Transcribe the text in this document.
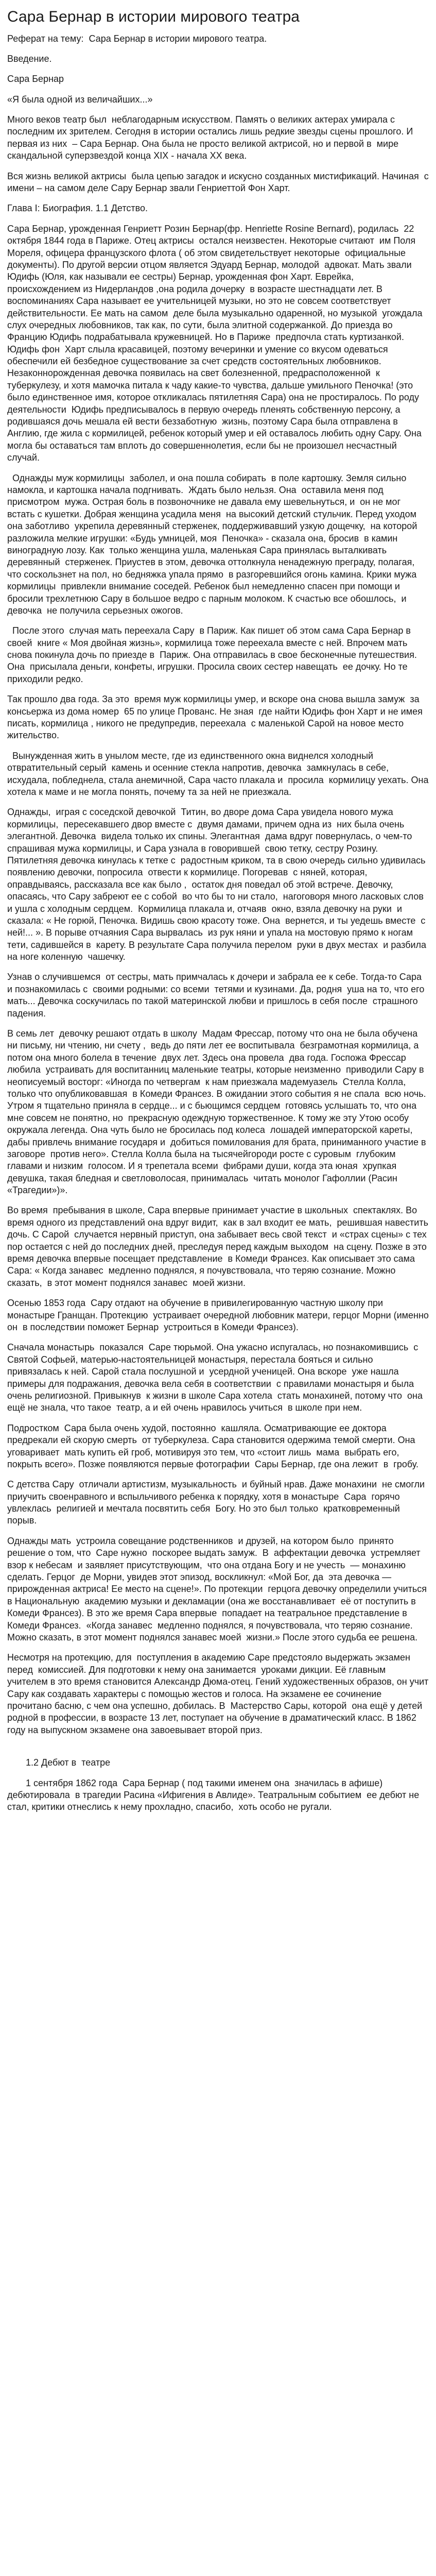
Сара Бернар в истории мирового театра

Реферат на тему:  Сара Бернар в истории мирового театра.

Введение.

Сара Бернар

«Я была одной из величайших...»

Много веков театр был  неблагодарным искусством. Память о великих актерах умирала с  последним их зрителем. Сегодня в истории остались лишь редкие звезды сцены прошлого. И первая из них  – Сара Бернар. Она была не просто великой актрисой, но и первой в  мире скандальной суперзвездой конца XIX - начала XX века.

Вся жизнь великой актрисы  была цепью загадок и искусно созданных мистификаций. Начиная  с имени – на самом деле Сару Бернар звали Генриеттой Фон Харт.

Глава I: Биография. 1.1 Детство.

Сара Бернар, урожденная Генриетт Розин Бернар(фр. Henriette Rosine Bernard), родилась  22 октября 1844 года в Париже. Отец актрисы  остался неизвестен. Некоторые считают  им Поля Мореля, офицера французского флота ( об этом свидетельствует некоторые  официальные документы). По другой версии отцом является Эдуард Бернар, молодой  адвокат. Мать звали Юдифь (Юля, как называли ее сестры) Бернар, урожденная фон Харт. Еврейка, происхождением из Нидерландов ,она родила дочерку  в возрасте шестнадцати лет. В воспоминаниях Сара называет ее учительницей музыки, но это не совсем соответствует  действительности. Ее мать на самом  деле была музыкально одаренной, но музыкой  угождала слух очередных любовников, так как, по сути, была элитной содержанкой. До приезда во Францию Юдифь подрабатывала кружевницей. Но в Париже  предпочла стать куртизанкой. Юдифь фон  Харт слыла красавицей, поэтому вечеринки и умение со вкусом одеваться обеспечили ей безбедное существование за счет средств состоятельных любовников. Незаконнорожденная девочка появилась на свет болезненной, предрасположенной  к туберкулезу, и хотя мамочка питала к чаду какие-то чувства, дальше умильного Пеночка! (это было единственное имя, которое откликалась пятилетняя Сара) она не простиралось. По роду деятельности  Юдифь предписывалось в первую очередь пленять собственную персону, а  родившаяся дочь мешала ей вести беззаботную  жизнь, поэтому Сара была отправлена в Англию, где жила с кормилицей, ребенок который умер и ей оставалось любить одну Сару. Она могла бы оставаться там вплоть до совершеннолетия, если бы не произошел несчастный случай.

Однажды муж кормилицы  заболел, и она пошла собирать  в поле картошку. Земля сильно  намокла, и картошка начала подгнивать.  Ждать было нельзя. Она  оставила меня под присмотром  мужа. Острая боль в позвоночнике не давала ему шевельнуться, и  он не мог встать с кушетки. Добрая женщина усадила меня  на высокий детский стульчик. Перед уходом она заботливо  укрепила деревянный стерженек, поддерживавший узкую дощечку,  на которой разложила мелкие игрушки: «Будь умницей, моя  Пеночка» - сказала она, бросив  в камин виноградную лозу. Как  только женщина ушла, маленькая Сара принялась выталкивать деревянный  стерженек. Приустев в этом, девочка оттолкнула ненадежную преграду, полагая, что соскользнет на пол, но бедняжка упала прямо  в разгоревшийся огонь камина. Крики мужа кормилицы  привлекли внимание соседей. Ребенок был немедленно спасен при помощи и бросили трехлетнюю Сару в большое ведро с парным молоком. К счастью все обошлось,  и девочка  не получила серьезных ожогов.

После этого  случая мать переехала Сару  в Париж. Как пишет об этом сама Сара Бернар в своей  книге « Моя двойная жизнь», кормилица тоже переехала вместе с ней. Впрочем мать снова покинула дочь по приезде в  Париж. Она отправилась в свое бесконечные путешествия. Она  присылала деньги, конфеты, игрушки. Просила своих сестер навещать  ее дочку. Но те приходили редко.

Так прошло два года. За это  время муж кормилицы умер, и вскоре она снова вышла замуж  за консьержа из дома номер  65 по улице Прованс. Не зная  где найти Юдифь фон Харт и не имея писать, кормилица , никого не предупредив, переехала  с маленькой Сарой на новое место жительство.

Вынужденная жить в унылом месте, где из единственного окна виднелся холодный отвратительный серый  камень и осенние стекла напротив, девочка  замкнулась в себе, исхудала, побледнела, стала анемичной, Сара часто плакала и  просила  кормилицу уехать. Она хотела к маме и не могла понять, почему та за ней не приезжала.

Однажды,  играя с соседской девочкой  Титин, во дворе дома Сара увидела нового мужа кормилицы,  пересекавшего двор вместе с  двумя дамами, причем одна из  них была очень элегантной. Девочка  видела только их спины. Элегантная  дама вдруг повернулась, о чем-то  спрашивая мужа кормилицы, и Сара узнала в говорившей  свою тетку, сестру Розину. Пятилетняя девочка кинулась к тетке с  радостным криком, та в свою очередь сильно удивилась  появлению девочки, попросила  отвести к кормилице. Погоревав  с няней, которая, оправдываясь, рассказала все как было ,  остаток дня поведал об этой встрече. Девочку, опасаясь, что Сару забреют ее с собой  во что бы то ни стало,  нагоговоря много ласковых слов  и ушла с холодным сердцем.  Кормилица плакала и, отчаяв  окно, взяла девочку на руки  и сказала: « Не горюй, Пеночка. Видишь свою красоту тоже. Она  вернется, и ты уедешь вместе  с ней!... ». В порыве отчаяния Сара вырвалась  из рук няни и упала на мостовую прямо к ногам тети, садившейся в  карету. В результате Сара получила перелом  руки в двух местах  и разбила на ноге коленную  чашечку.

Узнав о случившемся  от сестры, мать примчалась к дочери и забрала ее к себе. Тогда-то Сара и познакомилась с  своими родными: со всеми  тетями и кузинами. Да, родня  уша на то, что его мать... Девочка соскучилась по такой материнской любви и пришлось в себя после  страшного падения.

В семь лет  девочку решают отдать в школу  Мадам Фрессар, потому что она не была обучена ни письму, ни чтению, ни счету ,  ведь до пяти лет ее воспитывала  безграмотная кормилица, а потом она много болела в течение  двух лет. Здесь она провела  два года. Госпожа Фрессар любила  устраивать для воспитанниц маленькие театры, которые неизменно  приводили Сару в неописуемый восторг: «Иногда по четвергам  к нам приезжала мадемуазель  Стелла Колла, только что опубликовавшая  в Комеди Франсез. В ожидании этого события я не спала  всю ночь. Утром я тщательно приняла в сердце... и с бьющимся сердцем  готовясь услышать то, что она мне совсем не понятно, но  прекрасную одеждную торжественное. К тому же эту Утою особу  окружала легенда. Она чуть было не бросилась под колеса  лошадей императорской кареты, дабы привлечь внимание государя и  добиться помилования для брата, приниманного участие в заговоре  против него». Стелла Колла была на тысячейгороди росте с суровым  глубоким главами и низким  голосом. И я трепетала всеми  фибрами души, когда эта юная  хрупкая девушка, такая бледная и светловолосая, принималась  читать монолог Гафоллии (Расин «Трагедии»)».

Во время  пребывания в школе, Сара впервые принимает участие в школьных  спектаклях. Во время одного из представлений она вдруг видит,  как в зал входит ее мать,  решившая навестить дочь. С Сарой  случается нервный приступ, она забывает весь свой текст  и «страх сцены» с тех пор остается с ней до последних дней, преследуя перед каждым выходом  на сцену. Позже в это время девочка впервые посещает представление  в Комеди Франсез. Как описывает это сама Сара: « Когда занавес  медленно поднялся, я почувствовала, что теряю сознание. Можно сказать,  в этот момент поднялся занавес  моей жизни.

Осенью 1853 года  Сару отдают на обучение в привилегированную частную школу при монастыре Гранщан. Протекцию  устраивает очередной любовник матери, герцог Морни (именно он  в последствии поможет Бернар  устроиться в Комеди Франсез).

Сначала монастырь  показался  Саре тюрьмой. Она ужасно испугалась, но познакомившись  с Святой Софьей, матерью-настоятельницей монастыря, перестала бояться и сильно привязалась к ней. Сарой стала послушной и  усердной ученицей. Она вскоре  уже нашла примеры для подражания, девочка вела себя в соответствии  с правилами монастыря и была  очень религиозной. Привыкнув  к жизни в школе Сара хотела  стать монахиней, потому что  она ещё не знала, что такое  театр, а и ей очень нравилось учиться  в школе при нем.

Подростком  Сара была очень худой, постоянно  кашляла. Осматривающие ее доктора  предрекали ей скорую смерть  от туберкулеза. Сара становится одержима темой смерти. Она  уговаривает  мать купить ей гроб, мотивируя это тем, что «стоит лишь  мама  выбрать его, покрыть всего». Позже появляются первые фотографии  Сары Бернар, где она лежит  в  гробу.

С детства Сару  отличали артистизм, музыкальность  и буйный нрав. Даже монахини  не смогли  приучить своенравного и вспыльчивого ребенка к порядку, хотя в монастыре  Сара  горячо  увлеклась  религией и мечтала посвятить себя  Богу. Но это был только  кратковременный порыв.

Однажды мать  устроила совещание родственников  и друзей, на котором было  принято решение о том, что  Саре нужно  поскорее выдать замуж.  В  аффектации девочка  устремляет взор к небесам  и заявляет присутствующим,  что она отдана Богу и не учесть  — монахиню сделать. Герцог  де Морни, увидев этот эпизод, воскликнул: «Мой Бог, да  эта девочка — прирожденная актриса! Ее место на сцене!». По протекции  герцога девочку определили учиться в Национальную  академию музыки и декламации (она же восстанавливает  её от поступить в Комеди Франсез). В это же время Сара впервые  попадает на театральное представление в Комеди Франсез.  «Когда занавес  медленно поднялся, я почувствовала, что теряю сознание. Можно сказать, в этот момент поднялся занавес моей  жизни.» После этого судьба ее решена.

Несмотря на протекцию, для  поступления в академию Саре предстояло выдержать экзамен перед  комиссией. Для подготовки к нему она занимается  уроками дикции. Её главным учителем в это время становится Александр Дюма-отец. Гений художественных образов, он учит Сару как создавать характеры с помощью жестов и голоса. На экзамене ее сочинение прочитано басню, с чем она успешно, добилась. В  Мастерство Сары, которой  она ещё у детей родной в профессии, в возрасте 13 лет, поступает на обучение в драматический класс. В 1862 году на выпускном экзамене она завоевывает второй приз.

1.2 Дебют в  театре

1 сентября 1862 года  Сара Бернар ( под такими именем она  значилась в афише) дебютировала  в трагедии Расина «Ифигения в Авлиде». Театральным событием  ее дебют не стал, критики отнеслись к нему прохладно, спасибо,  хоть особо не ругали.
